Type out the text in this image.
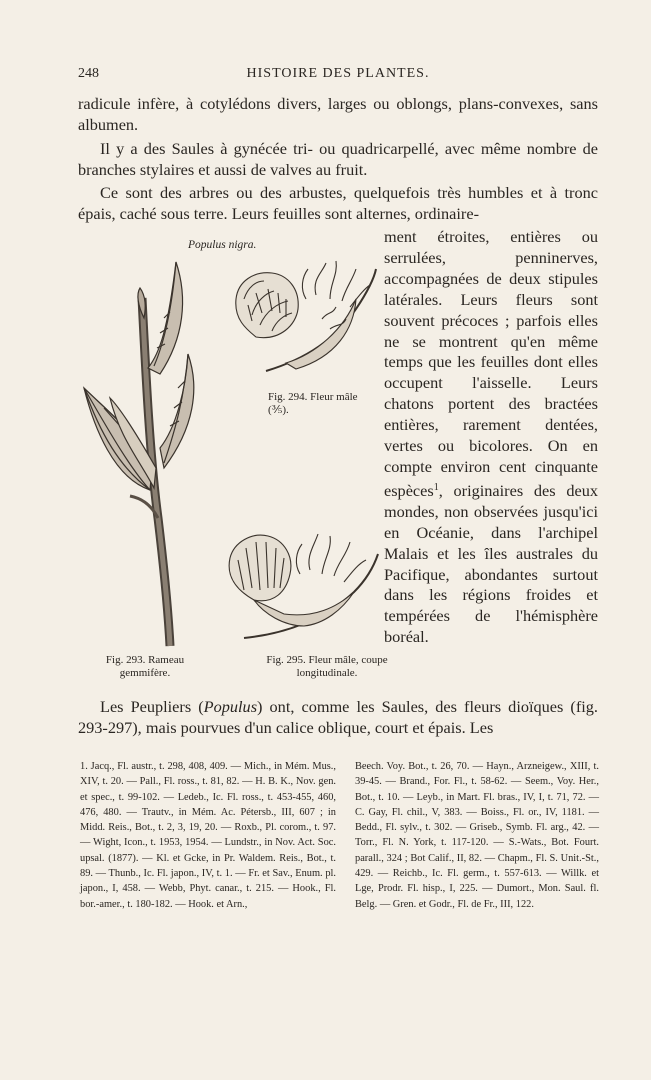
248	HISTOIRE DES PLANTES.

radicule infère, à cotylédons divers, larges ou oblongs, plans-convexes, sans albumen.

Il y a des Saules à gynécée tri- ou quadricarpellé, avec même nombre de branches stylaires et aussi de valves au fruit.

Ce sont des arbres ou des arbustes, quelquefois très humbles et à tronc épais, caché sous terre. Leurs feuilles sont alternes, ordinaire-

ment étroites, entières ou serrulées, penninerves, accompagnées de deux stipules latérales. Leurs fleurs sont souvent précoces ; parfois elles ne se montrent qu'en même temps que les feuilles dont elles occupent l'aisselle. Leurs chatons portent des bractées entières, rarement dentées, vertes ou bicolores. On en compte environ cent cinquante espèces$^1$, originaires des deux mondes, non observées jusqu'ici en Océanie, dans l'archipel Malais et les îles australes du Pacifique, abondantes surtout dans les régions froides et tempérées de l'hémisphère boréal.

Populus nigra.
Fig. 294. Fleur mâle (⅗).
Fig. 293. Rameau gemmifère.
Fig. 295. Fleur mâle, coupe longitudinale.

Les Peupliers (Populus) ont, comme les Saules, des fleurs dioïques (fig. 293-297), mais pourvues d'un calice oblique, court et épais. Les

1. Jacq., Fl. austr., t. 298, 408, 409. — Mich., in Mém. Mus., XIV, t. 20. — Pall., Fl. ross., t. 81, 82. — H. B. K., Nov. gen. et spec., t. 99-102. — Ledeb., Ic. Fl. ross., t. 453-455, 460, 476, 480. — Trautv., in Mém. Ac. Pétersb., III, 607 ; in Midd. Reis., Bot., t. 2, 3, 19, 20. — Roxb., Pl. corom., t. 97. — Wight, Icon., t. 1953, 1954. — Lundstr., in Nov. Act. Soc. upsal. (1877). — Kl. et Gcke, in Pr. Waldem. Reis., Bot., t. 89. — Thunb., Ic. Fl. japon., IV, t. 1. — Fr. et Sav., Enum. pl. japon., I, 458. — Webb, Phyt. canar., t. 215. — Hook., Fl. bor.-amer., t. 180-182. — Hook. et Arn.,

Beech. Voy. Bot., t. 26, 70. — Hayn., Arzneigew., XIII, t. 39-45. — Brand., For. Fl., t. 58-62. — Seem., Voy. Her., Bot., t. 10. — Leyb., in Mart. Fl. bras., IV, I, t. 71, 72. — C. Gay, Fl. chil., V, 383. — Boiss., Fl. or., IV, 1181. — Bedd., Fl. sylv., t. 302. — Griseb., Symb. Fl. arg., 42. — Torr., Fl. N. York, t. 117-120. — S.-Wats., Bot. Fourt. parall., 324 ; Bot Calif., II, 82. — Chapm., Fl. S. Unit.-St., 429. — Reichb., Ic. Fl. germ., t. 557-613. — Willk. et Lge, Prodr. Fl. hisp., I, 225. — Dumort., Mon. Saul. fl. Belg. — Gren. et Godr., Fl. de Fr., III, 122.
